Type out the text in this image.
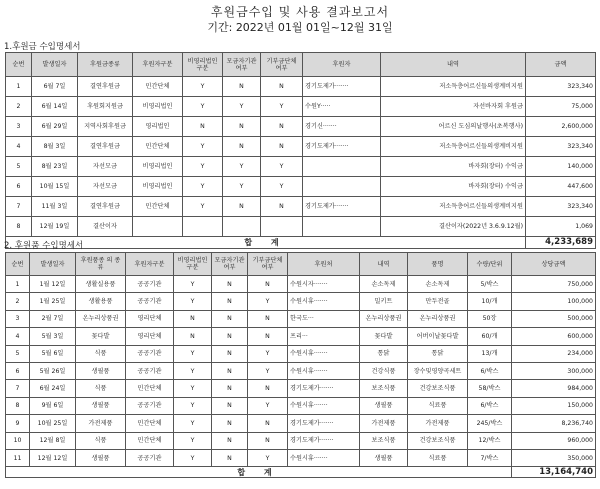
후원금수입 및 사용 결과보고서
기간: 2022년 01월 01일~12월 31일
1.후원금 수입명세서
순번	발생일자	후원금종류	후원자구분	비영리법인 구분	모금자기관 여부	기부금단체 여부	후원자	내역	금액
1	6월 7일	결연후원금	민간단체	Y	N	N	경기도제가·······	저소득층어르신들의생계비지원	323,340
2	6월 14일	후원회지원금	비영리법인	Y	Y	Y	수원Y·····	자선바자회 후원금	75,000
3	6월 29일	지역사회후원금	영리법인	N	N	N	경기신·······	어르신 도심의날행사(초복행사)	2,600,000
4	8월 3일	결연후원금	민간단체	Y	N	N	경기도제가·······	저소득층어르신들의생계비지원	323,340
5	8월 23일	자선모금	비영리법인	Y	Y	Y		바자회(장터) 수익금	140,000
6	10월 15일	자선모금	비영리법인	Y	Y	Y		바자회(장터) 수익금	447,600
7	11월 3일	결연후원금	민간단체	Y	N	N	경기도제가·······	저소득층어르신들의생계비지원	323,340
8	12월 19일	결산이자						결산이자(2022년 3.6.9.12월)	1,069
합 계									4,233,689
2. 후원품 수입명세서
순번	발생일자	후원품종 의 종류	후원자구분	비영리법인 구분	모금자기관 여부	기부금단체 여부	후원처	내역	품명	수량/단위	상당금액
1	1월 12일	생활실용품	공공기관	Y	N	N	수원시자·······	손소독제	손소독제	5/박스	750,000
2	1월 25일	생활용품	공공기관	Y	N	Y	수원시휴·······	밀키트	만두전골	10/개	100,000
3	2월 7일	온누리상품권	영리단체	N	N	N	한국도···	온누리상품권	온누리상품권	50장	500,000
4	5월 3일	꽃다발	영리단체	N	N	N	프리···	꽃다발	어버이날꽃다발	60/개	600,000
5	5월 6일	식품	공공기관	Y	N	Y	수원시휴·······	통닭	통닭	13/개	234,000
6	5월 26일	생필품	공공기관	Y	N	Y	수원시휴·······	건강식품	장수및영양곡세트	6/박스	300,000
7	6월 24일	식품	민간단체	Y	N	N	경기도제가·······	보조식품	건강보조식품	58/박스	984,000
8	9월 6일	생필품	공공기관	Y	N	Y	수원시휴·······	생필품	식료품	6/박스	150,000
9	10월 25일	가전제품	민간단체	Y	N	N	경기도제가·······	가전제품	가전제품	245/박스	8,236,740
10	12월 8일	식품	민간단체	Y	N	N	경기도제가·······	보조식품	건강보조식품	12/박스	960,000
11	12월 12일	생필품	공공기관	Y	N	Y	수원시휴·······	생필품	식료품	7/박스	350,000
합 계											13,164,740
